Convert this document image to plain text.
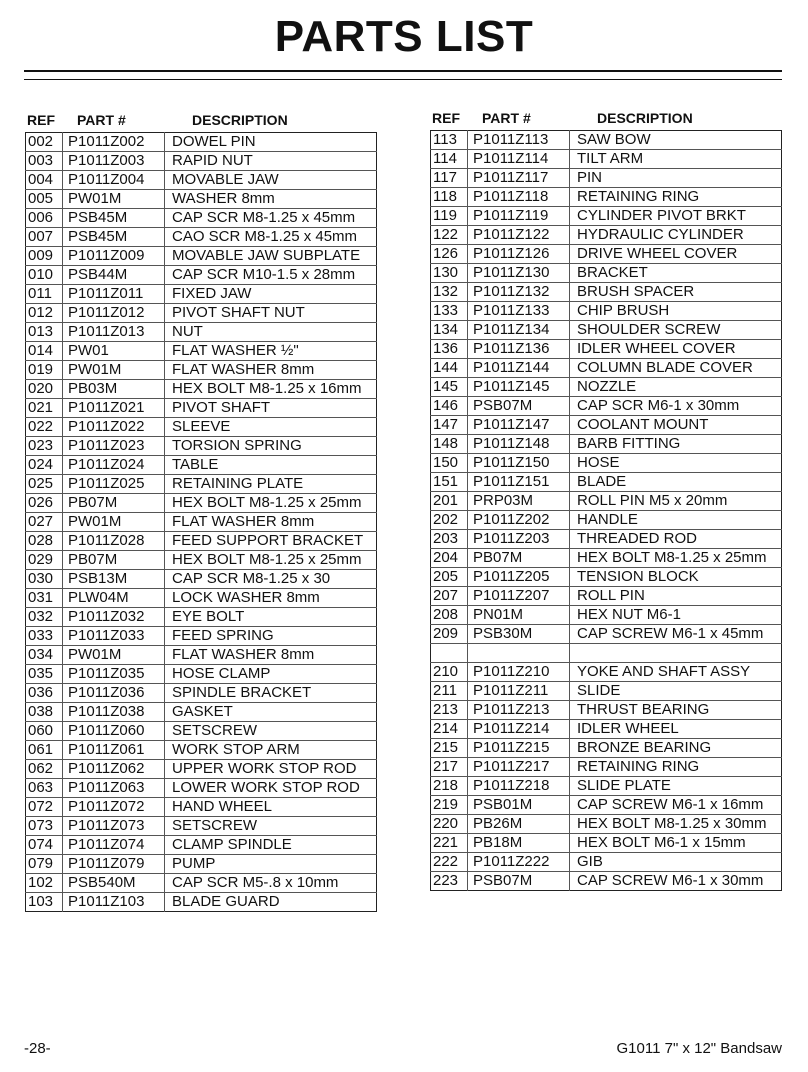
PARTS LIST
REF PART #	DESCRIPTION
002	P1011Z002	DOWEL PIN
003	P1011Z003	RAPID NUT
004	P1011Z004	MOVABLE JAW
005	PW01M	WASHER 8mm
006	PSB45M	CAP SCR M8-1.25 x 45mm
007	PSB45M	CAO SCR M8-1.25 x 45mm
009	P1011Z009	MOVABLE JAW SUBPLATE
010	PSB44M	CAP SCR M10-1.5 x 28mm
011	P1011Z011	FIXED JAW
012	P1011Z012	PIVOT SHAFT NUT
013	P1011Z013	NUT
014	PW01	FLAT WASHER ½"
019	PW01M	FLAT WASHER 8mm
020	PB03M	HEX BOLT M8-1.25 x 16mm
021	P1011Z021	PIVOT SHAFT
022	P1011Z022	SLEEVE
023	P1011Z023	TORSION SPRING
024	P1011Z024	TABLE
025	P1011Z025	RETAINING PLATE
026	PB07M	HEX BOLT M8-1.25 x 25mm
027	PW01M	FLAT WASHER 8mm
028	P1011Z028	FEED SUPPORT BRACKET
029	PB07M	HEX BOLT M8-1.25 x 25mm
030	PSB13M	CAP SCR M8-1.25 x 30
031	PLW04M	LOCK WASHER 8mm
032	P1011Z032	EYE BOLT
033	P1011Z033	FEED SPRING
034	PW01M	FLAT WASHER 8mm
035	P1011Z035	HOSE CLAMP
036	P1011Z036	SPINDLE BRACKET
038	P1011Z038	GASKET
060	P1011Z060	SETSCREW
061	P1011Z061	WORK STOP ARM
062	P1011Z062	UPPER WORK STOP ROD
063	P1011Z063	LOWER WORK STOP ROD
072	P1011Z072	HAND WHEEL
073	P1011Z073	SETSCREW
074	P1011Z074	CLAMP SPINDLE
079	P1011Z079	PUMP
102	PSB540M	CAP SCR M5-.8 x 10mm
103	P1011Z103	BLADE GUARD
REF PART #	DESCRIPTION
113	P1011Z113	SAW BOW
114	P1011Z114	TILT ARM
117	P1011Z117	PIN
118	P1011Z118	RETAINING RING
119	P1011Z119	CYLINDER PIVOT BRKT
122	P1011Z122	HYDRAULIC CYLINDER
126	P1011Z126	DRIVE WHEEL COVER
130	P1011Z130	BRACKET
132	P1011Z132	BRUSH SPACER
133	P1011Z133	CHIP BRUSH
134	P1011Z134	SHOULDER SCREW
136	P1011Z136	IDLER WHEEL COVER
144	P1011Z144	COLUMN BLADE COVER
145	P1011Z145	NOZZLE
146	PSB07M	CAP SCR M6-1 x 30mm
147	P1011Z147	COOLANT MOUNT
148	P1011Z148	BARB FITTING
150	P1011Z150	HOSE
151	P1011Z151	BLADE
201	PRP03M	ROLL PIN M5 x 20mm
202	P1011Z202	HANDLE
203	P1011Z203	THREADED ROD
204	PB07M	HEX BOLT M8-1.25 x 25mm
205	P1011Z205	TENSION BLOCK
207	P1011Z207	ROLL PIN
208	PN01M	HEX NUT M6-1
209	PSB30M	CAP SCREW M6-1 x 45mm

210	P1011Z210	YOKE AND SHAFT ASSY
211	P1011Z211	SLIDE
213	P1011Z213	THRUST BEARING
214	P1011Z214	IDLER WHEEL
215	P1011Z215	BRONZE BEARING
217	P1011Z217	RETAINING RING
218	P1011Z218	SLIDE PLATE
219	PSB01M	CAP SCREW M6-1 x 16mm
220	PB26M	HEX BOLT M8-1.25 x 30mm
221	PB18M	HEX BOLT M6-1 x 15mm
222	P1011Z222	GIB
223	PSB07M	CAP SCREW M6-1 x 30mm
-28-	G1011 7" x 12" Bandsaw
